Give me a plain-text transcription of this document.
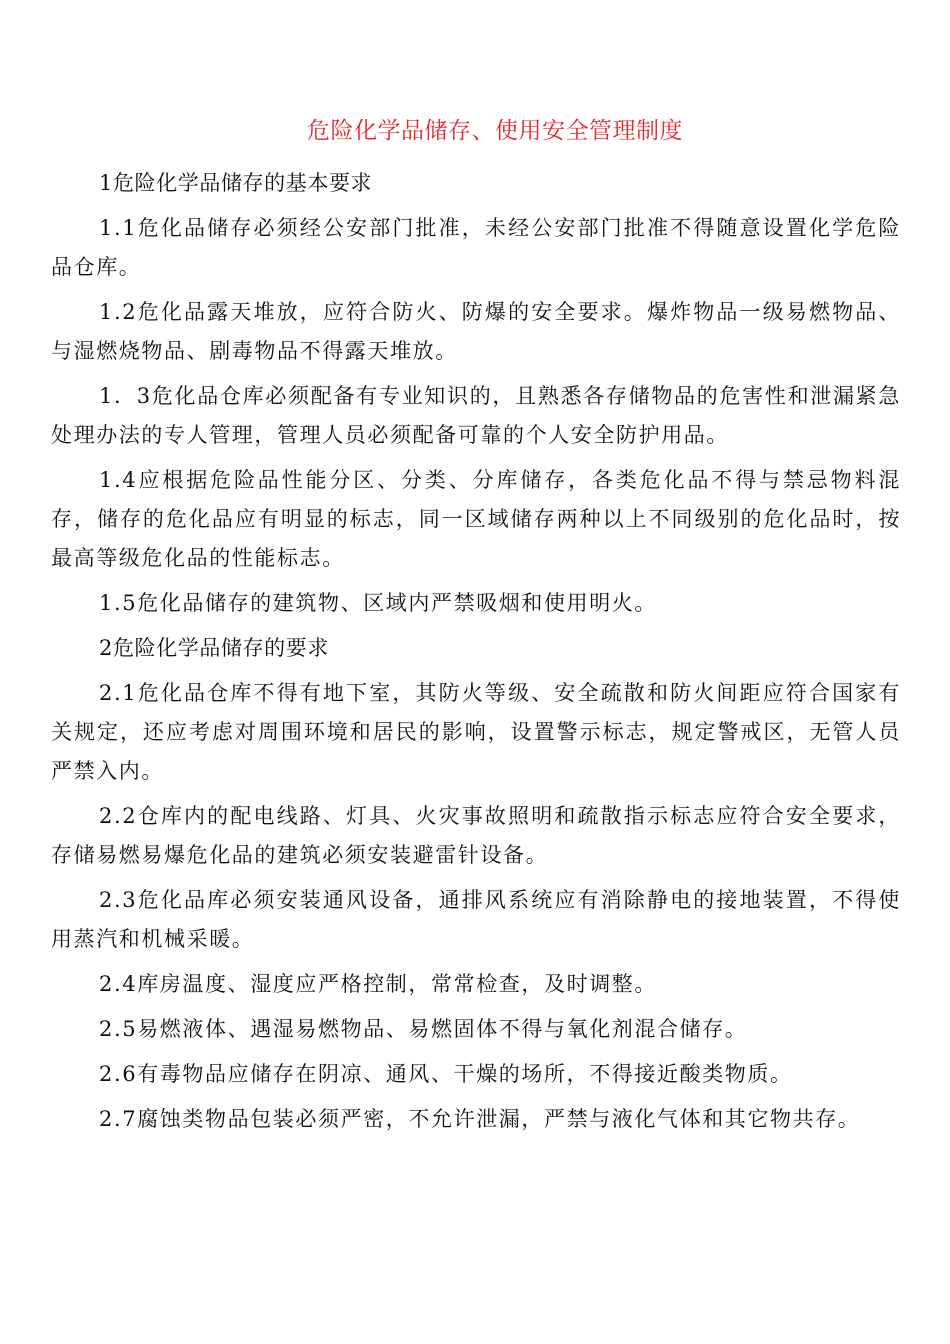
危险化学品储存、使用安全管理制度

1危险化学品储存的基本要求

1.1危化品储存必须经公安部门批准，未经公安部门批准不得随意设置化学危险品仓库。

1.2危化品露天堆放，应符合防火、防爆的安全要求。爆炸物品一级易燃物品、与湿燃烧物品、剧毒物品不得露天堆放。

1．3危化品仓库必须配备有专业知识的，且熟悉各存储物品的危害性和泄漏紧急处理办法的专人管理，管理人员必须配备可靠的个人安全防护用品。

1.4应根据危险品性能分区、分类、分库储存，各类危化品不得与禁忌物料混存，储存的危化品应有明显的标志，同一区域储存两种以上不同级别的危化品时，按最高等级危化品的性能标志。

1.5危化品储存的建筑物、区域内严禁吸烟和使用明火。

2危险化学品储存的要求

2.1危化品仓库不得有地下室，其防火等级、安全疏散和防火间距应符合国家有关规定，还应考虑对周围环境和居民的影响，设置警示标志，规定警戒区，无管人员严禁入内。

2.2仓库内的配电线路、灯具、火灾事故照明和疏散指示标志应符合安全要求，存储易燃易爆危化品的建筑必须安装避雷针设备。

2.3危化品库必须安装通风设备，通排风系统应有消除静电的接地装置，不得使用蒸汽和机械采暖。

2.4库房温度、湿度应严格控制，常常检查，及时调整。

2.5易燃液体、遇湿易燃物品、易燃固体不得与氧化剂混合储存。

2.6有毒物品应储存在阴凉、通风、干燥的场所，不得接近酸类物质。

2.7腐蚀类物品包装必须严密，不允许泄漏，严禁与液化气体和其它物共存。
